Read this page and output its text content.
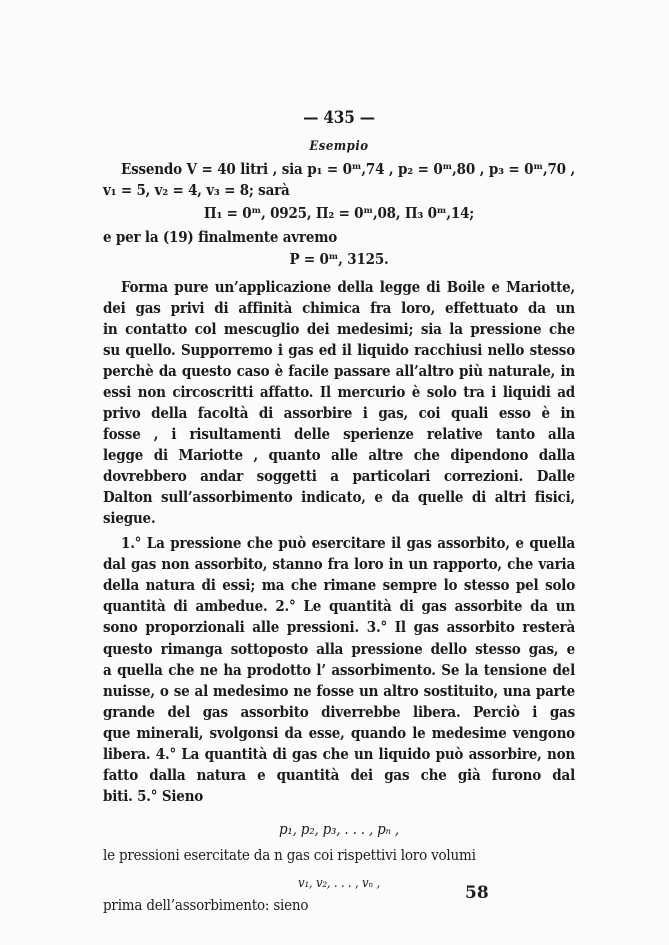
— 435 —
Esempio
Essendo V = 40 litri , sia p₁ = 0ᵐ,74 , p₂ = 0ᵐ,80 , p₃ = 0ᵐ,70 ,
v₁ = 5, v₂ = 4, v₃ = 8; sarà
Π₁ = 0ᵐ, 0925, Π₂ = 0ᵐ,08, Π₃ 0ᵐ,14;
e per la (19) finalmente avremo
P = 0ᵐ, 3125.
Forma pure un’applicazione della legge di Boile e Mariotte,
dei gas privi di affinità chimica fra loro, effettuato da un
in contatto col mescuglio dei medesimi; sia la pressione che
su quello. Supporremo i gas ed il liquido racchiusi nello stesso
perchè da questo caso è facile passare all’altro più naturale, in
essi non circoscritti affatto. Il mercurio è solo tra i liquidi ad
privo della facoltà di assorbire i gas, coi quali esso è in
fosse , i risultamenti delle sperienze relative tanto alla
legge di Mariotte , quanto alle altre che dipendono dalla
dovrebbero andar soggetti a particolari correzioni. Dalle
Dalton sull’assorbimento indicato, e da quelle di altri fisici,
siegue.
1.° La pressione che può esercitare il gas assorbito, e quella
dal gas non assorbito, stanno fra loro in un rapporto, che varia
della natura di essi; ma che rimane sempre lo stesso pel solo
quantità di ambedue. 2.° Le quantità di gas assorbite da un
sono proporzionali alle pressioni. 3.° Il gas assorbito resterà
questo rimanga sottoposto alla pressione dello stesso gas, e
a quella che ne ha prodotto l’ assorbimento. Se la tensione del
nuisse, o se al medesimo ne fosse un altro sostituito, una parte
grande del gas assorbito diverrebbe libera. Perciò i gas
que minerali, svolgonsi da esse, quando le medesime vengono
libera. 4.° La quantità di gas che un liquido può assorbire, non
fatto dalla natura e quantità dei gas che già furono dal
biti. 5.° Sieno
p₁, p₂, p₃, . . . , pₙ ,
le pressioni esercitate da n gas coi rispettivi loro volumi
v₁, v₂, . . . , vₙ ,
prima dell’assorbimento: sieno
58
